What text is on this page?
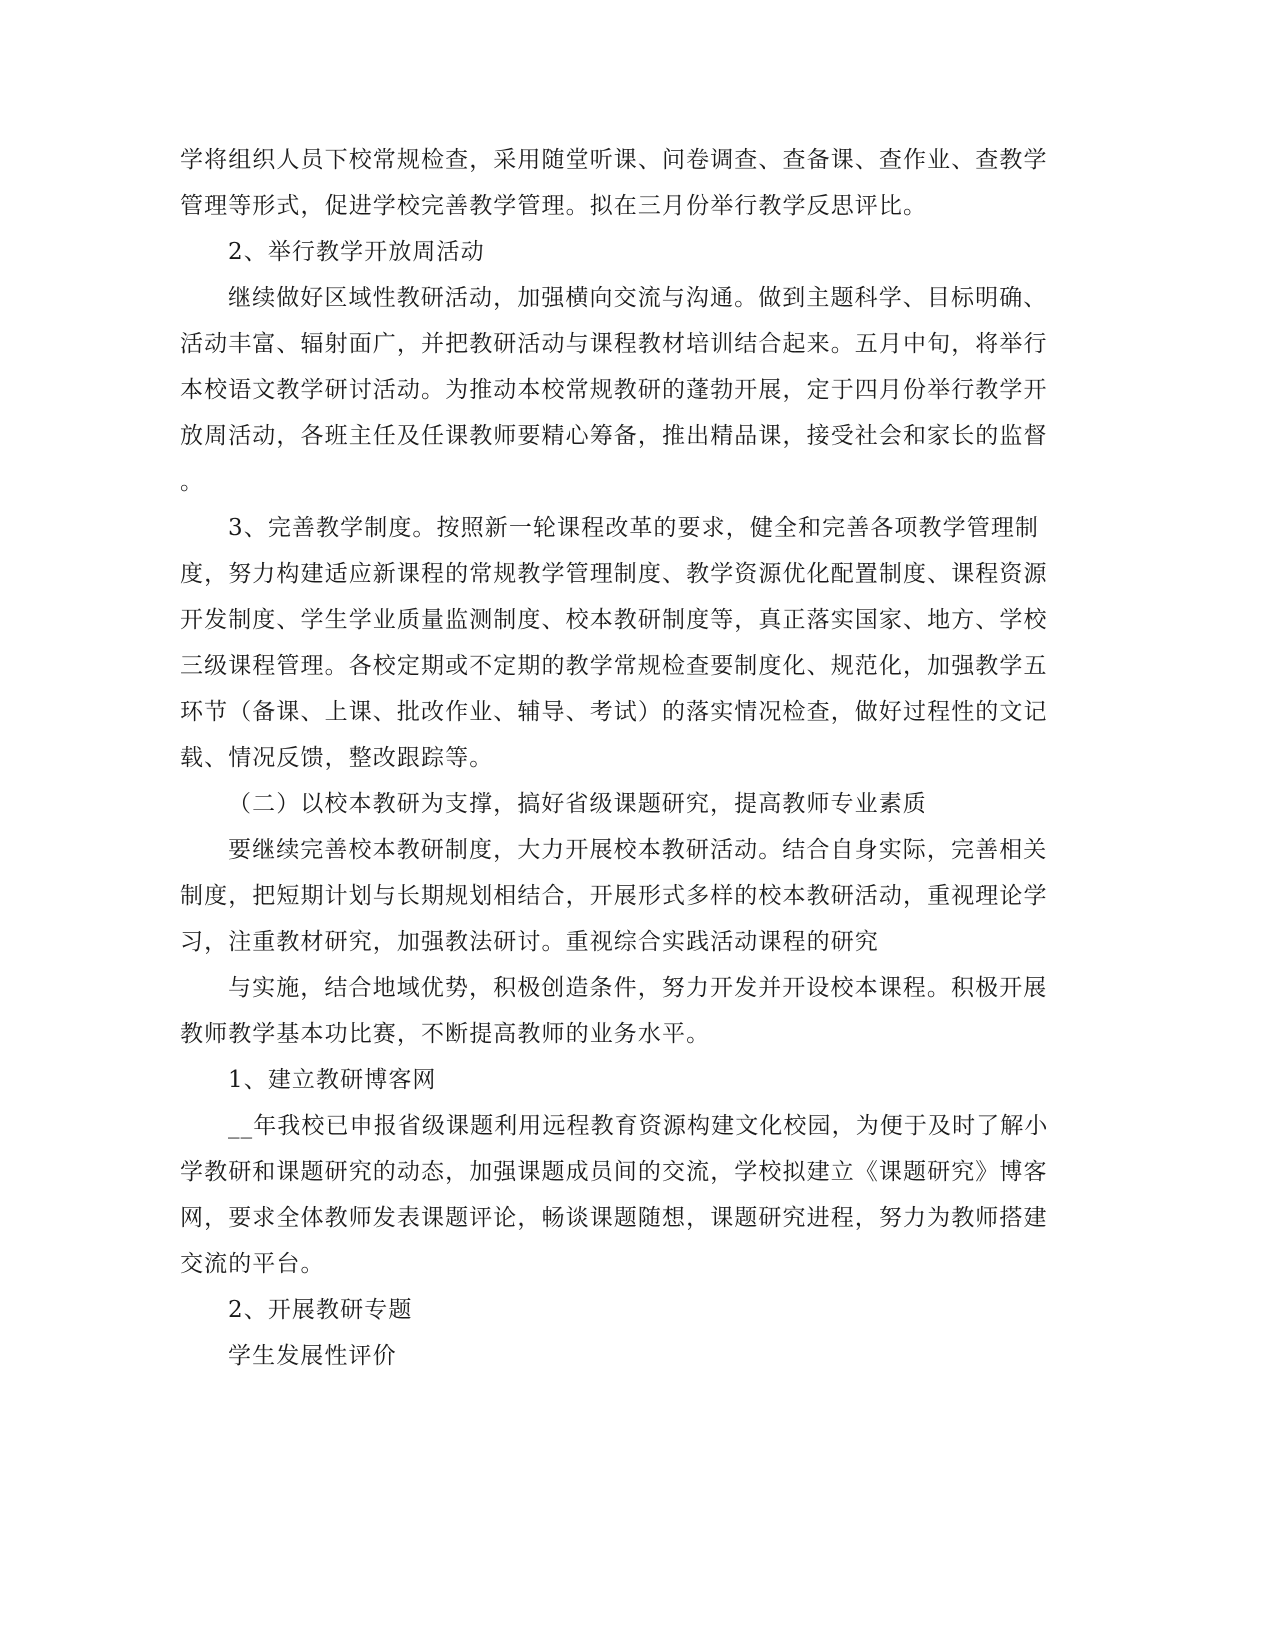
学将组织人员下校常规检查，采用随堂听课、问卷调查、查备课、查作业、查教学
管理等形式，促进学校完善教学管理。拟在三月份举行教学反思评比。

2、举行教学开放周活动

继续做好区域性教研活动，加强横向交流与沟通。做到主题科学、目标明确、
活动丰富、辐射面广，并把教研活动与课程教材培训结合起来。五月中旬，将举行
本校语文教学研讨活动。为推动本校常规教研的蓬勃开展，定于四月份举行教学开
放周活动，各班主任及任课教师要精心筹备，推出精品课，接受社会和家长的监督
。

3、完善教学制度。按照新一轮课程改革的要求，健全和完善各项教学管理制
度，努力构建适应新课程的常规教学管理制度、教学资源优化配置制度、课程资源
开发制度、学生学业质量监测制度、校本教研制度等，真正落实国家、地方、学校
三级课程管理。各校定期或不定期的教学常规检查要制度化、规范化，加强教学五
环节（备课、上课、批改作业、辅导、考试）的落实情况检查，做好过程性的文记
载、情况反馈，整改跟踪等。

（二）以校本教研为支撑，搞好省级课题研究，提高教师专业素质

要继续完善校本教研制度，大力开展校本教研活动。结合自身实际，完善相关
制度，把短期计划与长期规划相结合，开展形式多样的校本教研活动，重视理论学
习，注重教材研究，加强教法研讨。重视综合实践活动课程的研究

与实施，结合地域优势，积极创造条件，努力开发并开设校本课程。积极开展
教师教学基本功比赛，不断提高教师的业务水平。

1、建立教研博客网

__年我校已申报省级课题利用远程教育资源构建文化校园，为便于及时了解小
学教研和课题研究的动态，加强课题成员间的交流，学校拟建立《课题研究》博客
网，要求全体教师发表课题评论，畅谈课题随想，课题研究进程，努力为教师搭建
交流的平台。

2、开展教研专题

学生发展性评价
